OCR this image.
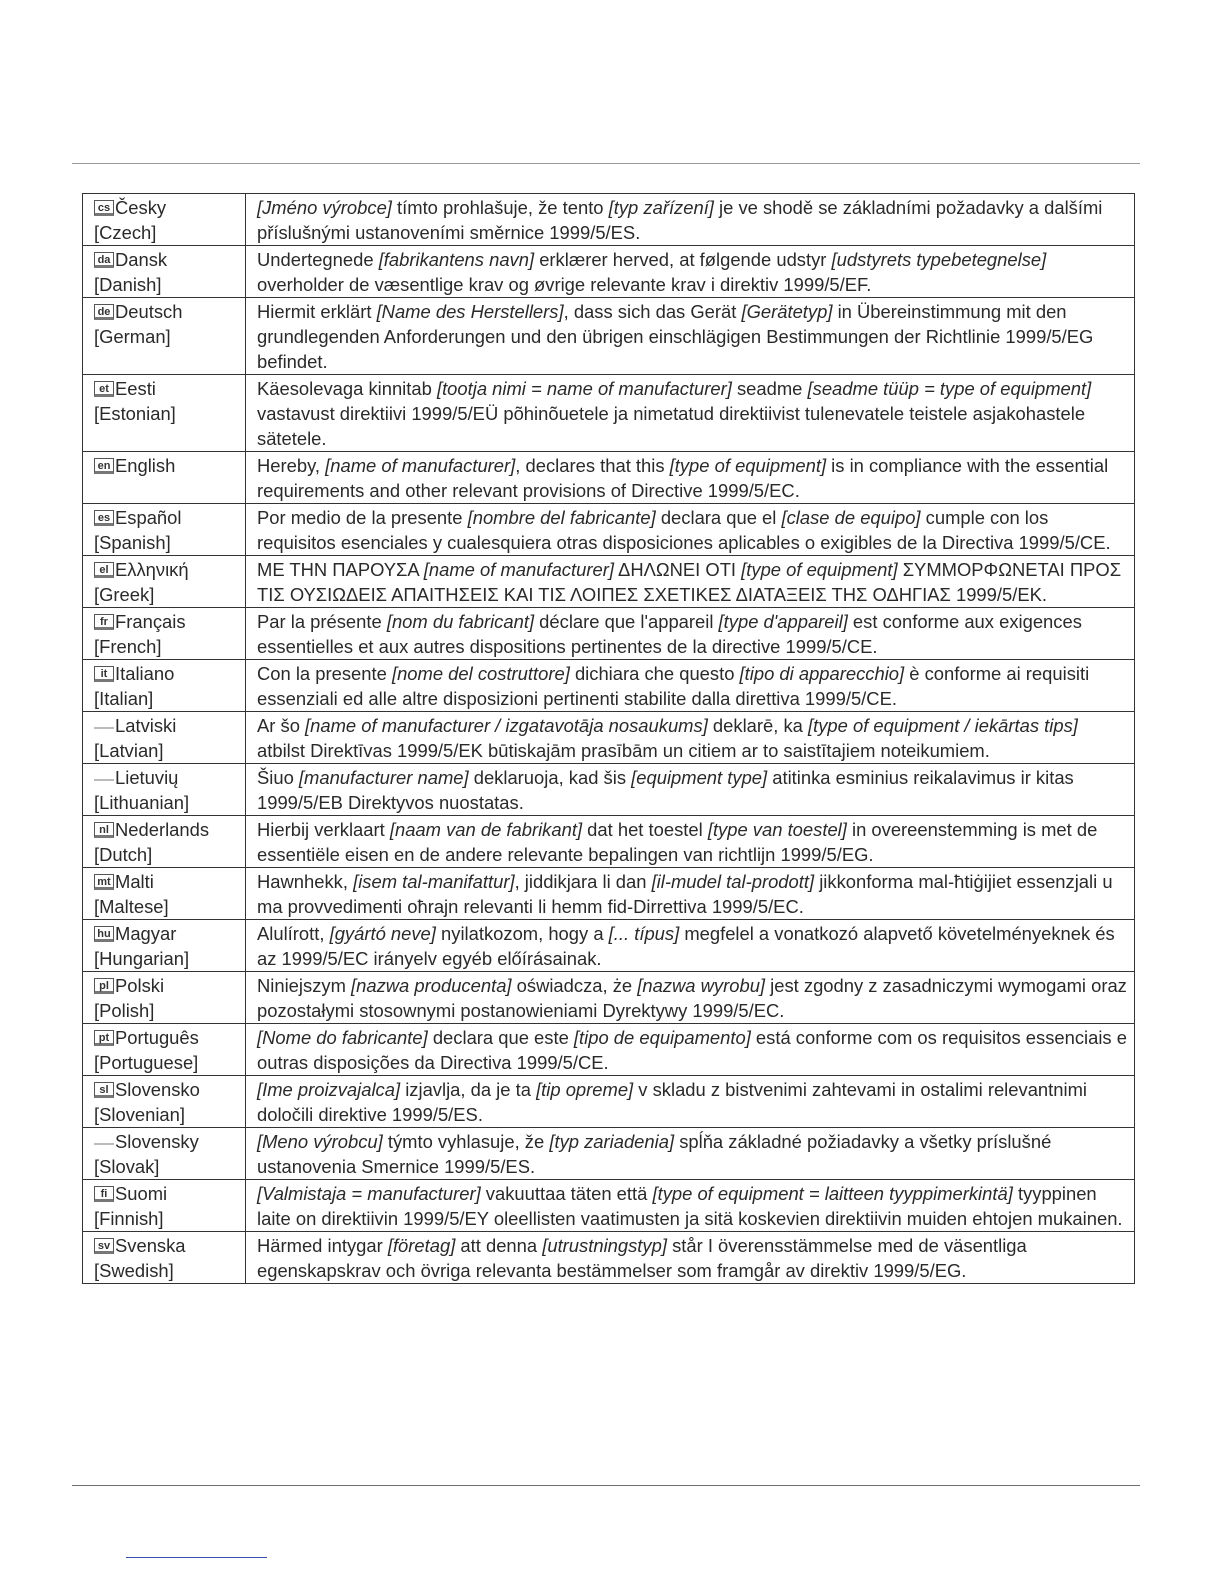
cs Česky
[Czech]	[Jméno výrobce] tímto prohlašuje, že tento [typ zařízení] je ve shodě se základními požadavky a dalšími příslušnými ustanoveními směrnice 1999/5/ES.
da Dansk
[Danish]	Undertegnede [fabrikantens navn] erklærer herved, at følgende udstyr [udstyrets typebetegnelse] overholder de væsentlige krav og øvrige relevante krav i direktiv 1999/5/EF.
de Deutsch
[German]	Hiermit erklärt [Name des Herstellers], dass sich das Gerät [Gerätetyp] in Übereinstimmung mit den grundlegenden Anforderungen und den übrigen einschlägigen Bestimmungen der Richtlinie 1999/5/EG befindet.
et Eesti
[Estonian]	Käesolevaga kinnitab [tootja nimi = name of manufacturer] seadme [seadme tüüp = type of equipment] vastavust direktiivi 1999/5/EÜ põhinõuetele ja nimetatud direktiivist tulenevatele teistele asjakohastele sätetele.
en English	Hereby, [name of manufacturer], declares that this [type of equipment] is in compliance with the essential requirements and other relevant provisions of Directive 1999/5/EC.
es Español
[Spanish]	Por medio de la presente [nombre del fabricante] declara que el [clase de equipo] cumple con los requisitos esenciales y cualesquiera otras disposiciones aplicables o exigibles de la Directiva 1999/5/CE.
el Ελληνική
[Greek]	ΜΕ ΤΗΝ ΠΑΡΟΥΣΑ [name of manufacturer] ΔΗΛΩΝΕΙ ΟΤΙ [type of equipment] ΣΥΜΜΟΡΦΩΝΕΤΑΙ ΠΡΟΣ ΤΙΣ ΟΥΣΙΩΔΕΙΣ ΑΠΑΙΤΗΣΕΙΣ ΚΑΙ ΤΙΣ ΛΟΙΠΕΣ ΣΧΕΤΙΚΕΣ ΔΙΑΤΑΞΕΙΣ ΤΗΣ ΟΔΗΓΙΑΣ 1999/5/ΕΚ.
fr Français
[French]	Par la présente [nom du fabricant] déclare que l'appareil [type d'appareil] est conforme aux exigences essentielles et aux autres dispositions pertinentes de la directive 1999/5/CE.
it Italiano
[Italian]	Con la presente [nome del costruttore] dichiara che questo [tipo di apparecchio] è conforme ai requisiti essenziali ed alle altre disposizioni pertinenti stabilite dalla direttiva 1999/5/CE.
Latviski
[Latvian]	Ar šo [name of manufacturer / izgatavotāja nosaukums] deklarē, ka [type of equipment / iekārtas tips] atbilst Direktīvas 1999/5/EK būtiskajām prasībām un citiem ar to saistītajiem noteikumiem.
Lietuvių
[Lithuanian]	Šiuo [manufacturer name] deklaruoja, kad šis [equipment type] atitinka esminius reikalavimus ir kitas 1999/5/EB Direktyvos nuostatas.
nl Nederlands
[Dutch]	Hierbij verklaart [naam van de fabrikant] dat het toestel [type van toestel] in overeenstemming is met de essentiële eisen en de andere relevante bepalingen van richtlijn 1999/5/EG.
mt Malti
[Maltese]	Hawnhekk, [isem tal-manifattur], jiddikjara li dan [il-mudel tal-prodott] jikkonforma mal-ħtiġijiet essenzjali u ma provvedimenti oħrajn relevanti li hemm fid-Dirrettiva 1999/5/EC.
hu Magyar
[Hungarian]	Alulírott, [gyártó neve] nyilatkozom, hogy a [... típus] megfelel a vonatkozó alapvető követelményeknek és az 1999/5/EC irányelv egyéb előírásainak.
pl Polski
[Polish]	Niniejszym [nazwa producenta] oświadcza, że [nazwa wyrobu] jest zgodny z zasadniczymi wymogami oraz pozostałymi stosownymi postanowieniami Dyrektywy 1999/5/EC.
pt Português
[Portuguese]	[Nome do fabricante] declara que este [tipo de equipamento] está conforme com os requisitos essenciais e outras disposições da Directiva 1999/5/CE.
sl Slovensko
[Slovenian]	[Ime proizvajalca] izjavlja, da je ta [tip opreme] v skladu z bistvenimi zahtevami in ostalimi relevantnimi določili direktive 1999/5/ES.
Slovensky
[Slovak]	[Meno výrobcu] týmto vyhlasuje, že [typ zariadenia] spĺňa základné požiadavky a všetky príslušné ustanovenia Smernice 1999/5/ES.
fi Suomi
[Finnish]	[Valmistaja = manufacturer] vakuuttaa täten että [type of equipment = laitteen tyyppimerkintä] tyyppinen laite on direktiivin 1999/5/EY oleellisten vaatimusten ja sitä koskevien direktiivin muiden ehtojen mukainen.
sv Svenska
[Swedish]	Härmed intygar [företag] att denna [utrustningstyp] står I överensstämmelse med de väsentliga egenskapskrav och övriga relevanta bestämmelser som framgår av direktiv 1999/5/EG.
